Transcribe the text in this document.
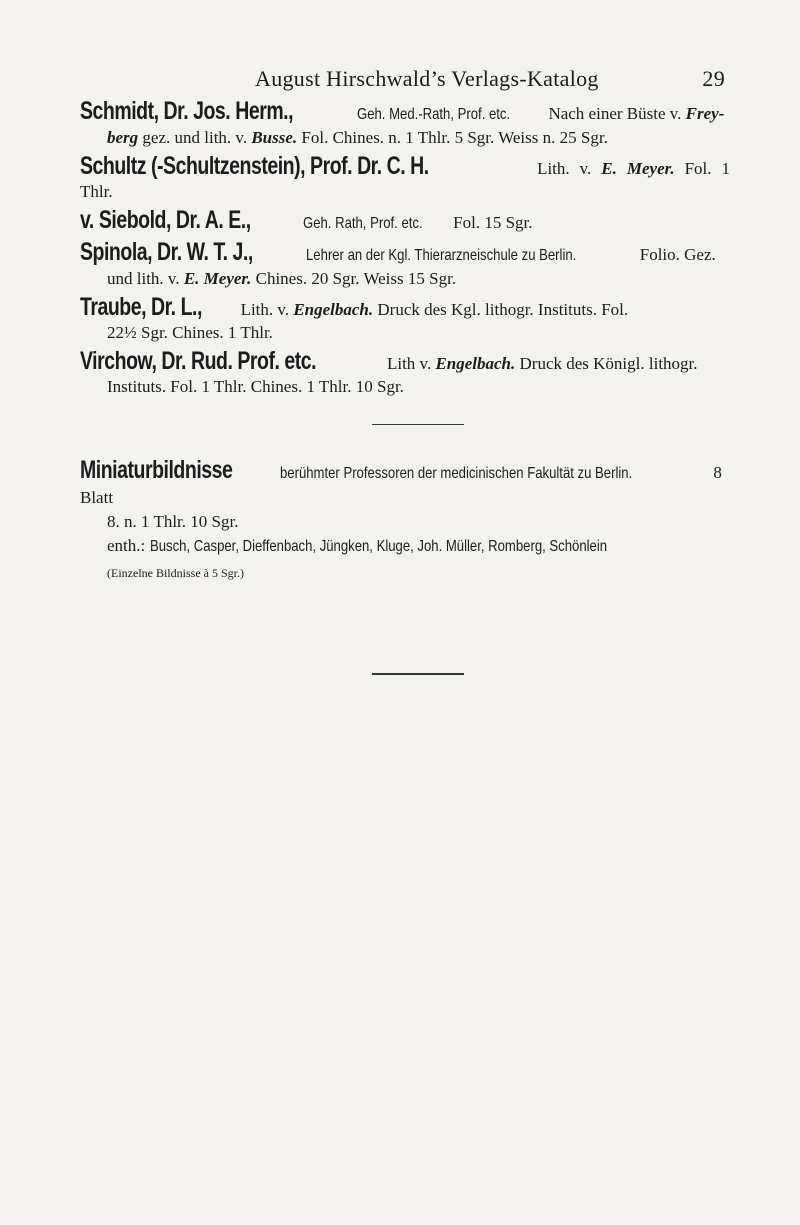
August Hirschwald’s Verlags-Katalog	29
Schmidt, Dr. Jos. Herm.,	Geh. Med.-Rath, Prof. etc. Nach einer Büste v. Frey-
berg gez. und lith. v. Busse. Fol. Chines. n. 1 Thlr. 5 Sgr. Weiss n. 25 Sgr.
Schultz (-Schultzenstein), Prof. Dr. C. H.	Lith. v. E. Meyer. Fol. 1 Thlr.
v. Siebold, Dr. A. E.,	Geh. Rath, Prof. etc. Fol. 15 Sgr.
Spinola, Dr. W. T. J.,	Lehrer an der Kgl. Thierarzneischule zu Berlin.	Folio. Gez.
und lith. v. E. Meyer. Chines. 20 Sgr. Weiss 15 Sgr.
Traube, Dr. L., Lith. v. Engelbach. Druck des Kgl. lithogr. Instituts. Fol.
22½ Sgr. Chines. 1 Thlr.
Virchow, Dr. Rud. Prof. etc.	Lith v. Engelbach. Druck des Königl. lithogr.
Instituts. Fol. 1 Thlr. Chines. 1 Thlr. 10 Sgr.
Miniaturbildnisse	berühmter Professoren der medicinischen Fakultät zu Berlin.	8 Blatt
8. n. 1 Thlr. 10 Sgr.
enth.: Busch, Casper, Dieffenbach, Jüngken, Kluge, Joh. Müller, Romberg, Schönlein
(Einzelne Bildnisse à 5 Sgr.)
